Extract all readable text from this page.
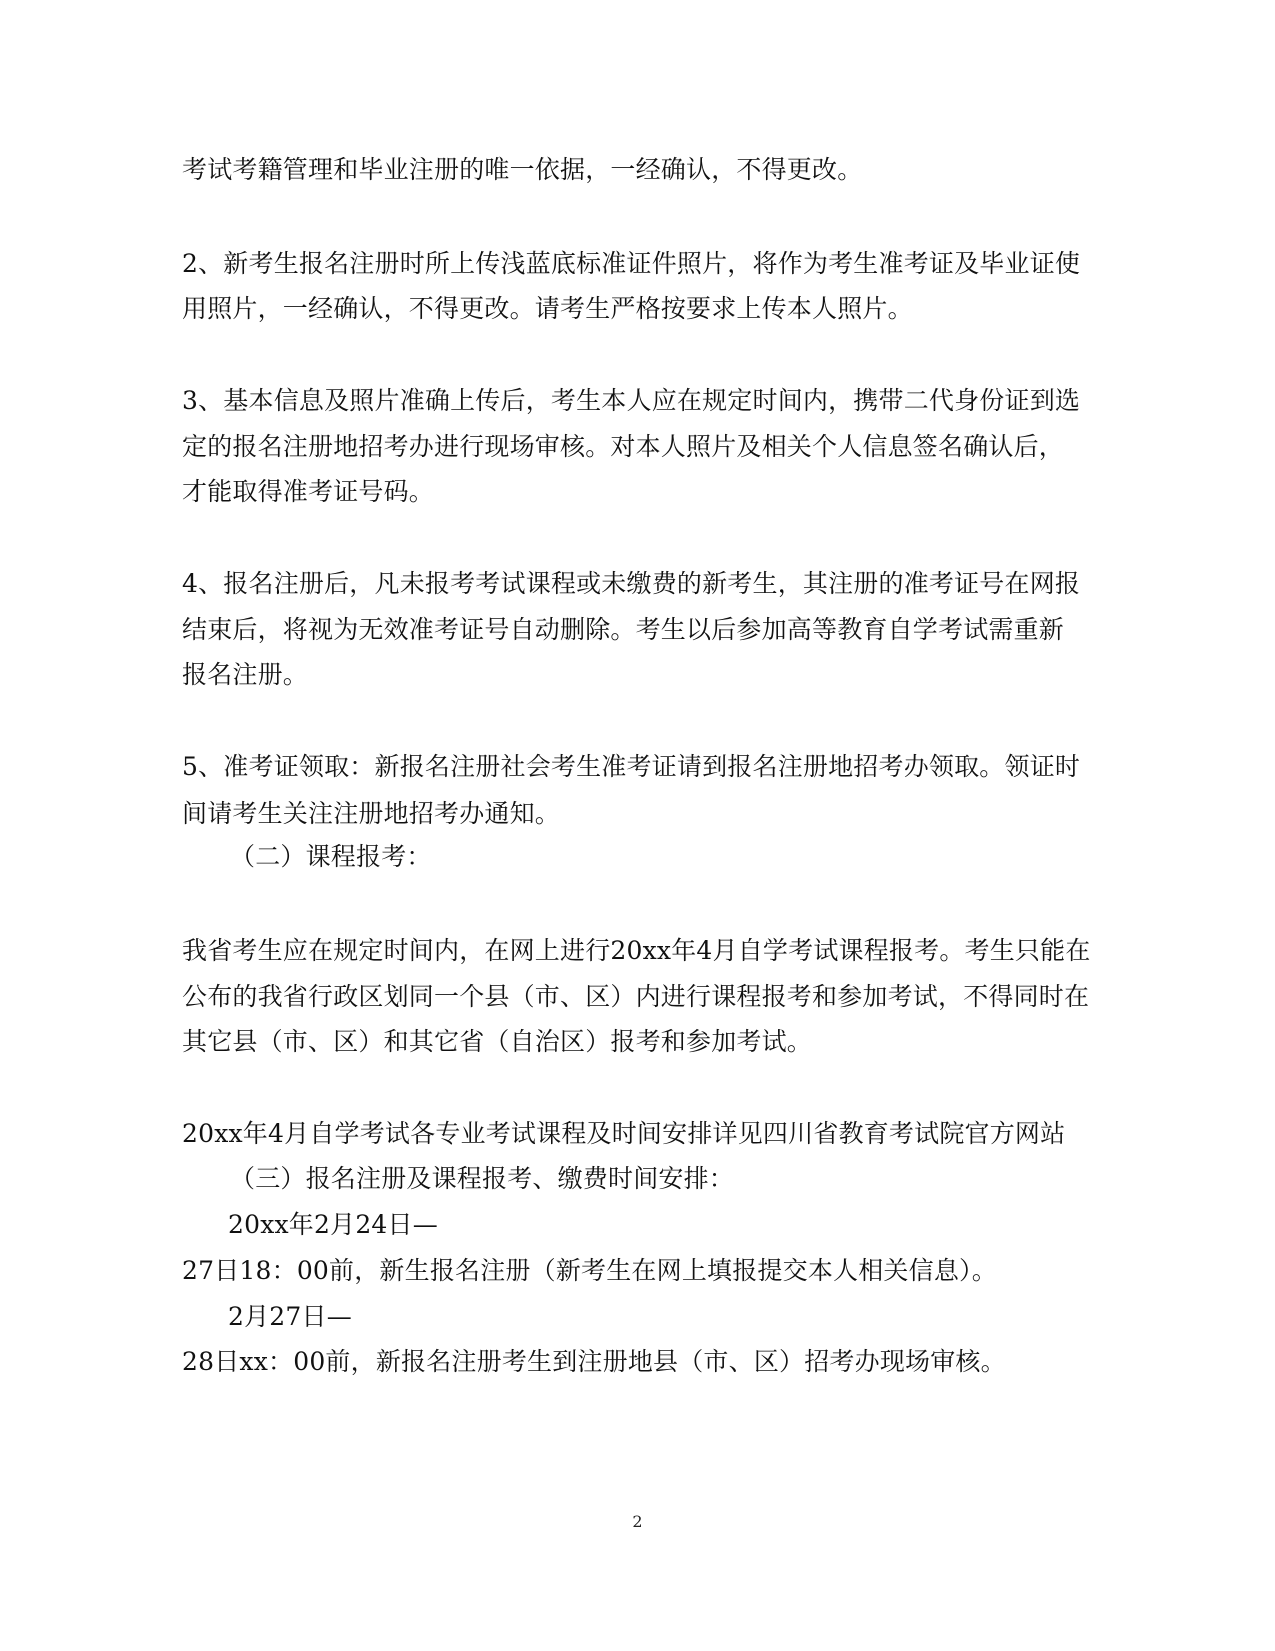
考试考籍管理和毕业注册的唯一依据，一经确认，不得更改。
2、新考生报名注册时所上传浅蓝底标准证件照片，将作为考生准考证及毕业证使
用照片，一经确认，不得更改。请考生严格按要求上传本人照片。
3、基本信息及照片准确上传后，考生本人应在规定时间内，携带二代身份证到选
定的报名注册地招考办进行现场审核。对本人照片及相关个人信息签名确认后，
才能取得准考证号码。
4、报名注册后，凡未报考考试课程或未缴费的新考生，其注册的准考证号在网报
结束后，将视为无效准考证号自动删除。考生以后参加高等教育自学考试需重新
报名注册。
5、准考证领取：新报名注册社会考生准考证请到报名注册地招考办领取。领证时
间请考生关注注册地招考办通知。
（二）课程报考：
我省考生应在规定时间内，在网上进行20xx年4月自学考试课程报考。考生只能在
公布的我省行政区划同一个县（市、区）内进行课程报考和参加考试，不得同时在
其它县（市、区）和其它省（自治区）报考和参加考试。
20xx年4月自学考试各专业考试课程及时间安排详见四川省教育考试院官方网站
（三）报名注册及课程报考、缴费时间安排：
20xx年2月24日—
27日18：00前，新生报名注册（新考生在网上填报提交本人相关信息）。
2月27日—
28日xx：00前，新报名注册考生到注册地县（市、区）招考办现场审核。
2
